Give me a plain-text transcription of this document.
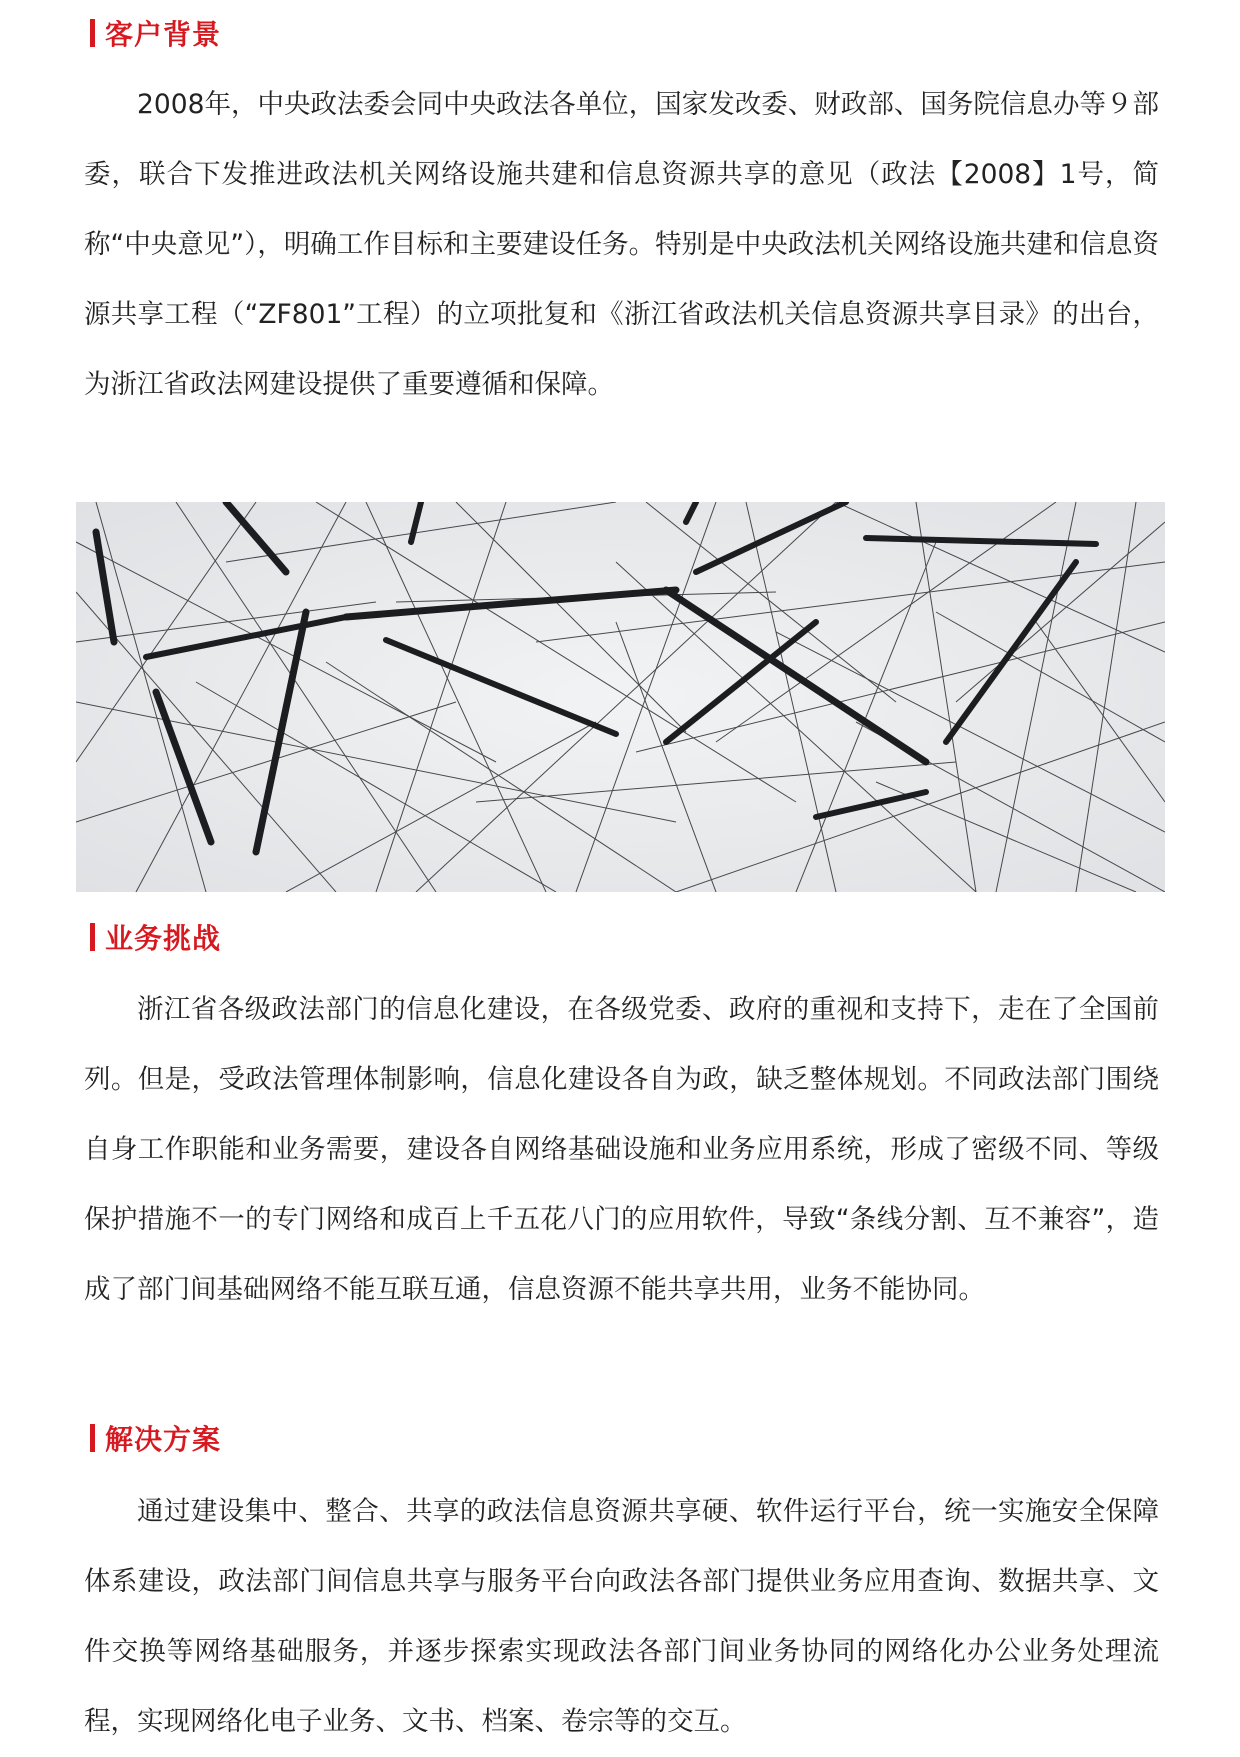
客户背景

2008年，中央政法委会同中央政法各单位，国家发改委、财政部、国务院信息办等９部委，联合下发推进政法机关网络设施共建和信息资源共享的意见（政法【2008】1号，简称“中央意见”），明确工作目标和主要建设任务。特别是中央政法机关网络设施共建和信息资源共享工程（“ZF801”工程）的立项批复和《浙江省政法机关信息资源共享目录》的出台，为浙江省政法网建设提供了重要遵循和保障。

业务挑战

浙江省各级政法部门的信息化建设，在各级党委、政府的重视和支持下，走在了全国前列。但是，受政法管理体制影响，信息化建设各自为政，缺乏整体规划。不同政法部门围绕自身工作职能和业务需要，建设各自网络基础设施和业务应用系统，形成了密级不同、等级保护措施不一的专门网络和成百上千五花八门的应用软件，导致“条线分割、互不兼容”，造成了部门间基础网络不能互联互通，信息资源不能共享共用，业务不能协同。

解决方案

通过建设集中、整合、共享的政法信息资源共享硬、软件运行平台，统一实施安全保障体系建设，政法部门间信息共享与服务平台向政法各部门提供业务应用查询、数据共享、文件交换等网络基础服务，并逐步探索实现政法各部门间业务协同的网络化办公业务处理流程，实现网络化电子业务、文书、档案、卷宗等的交互。
